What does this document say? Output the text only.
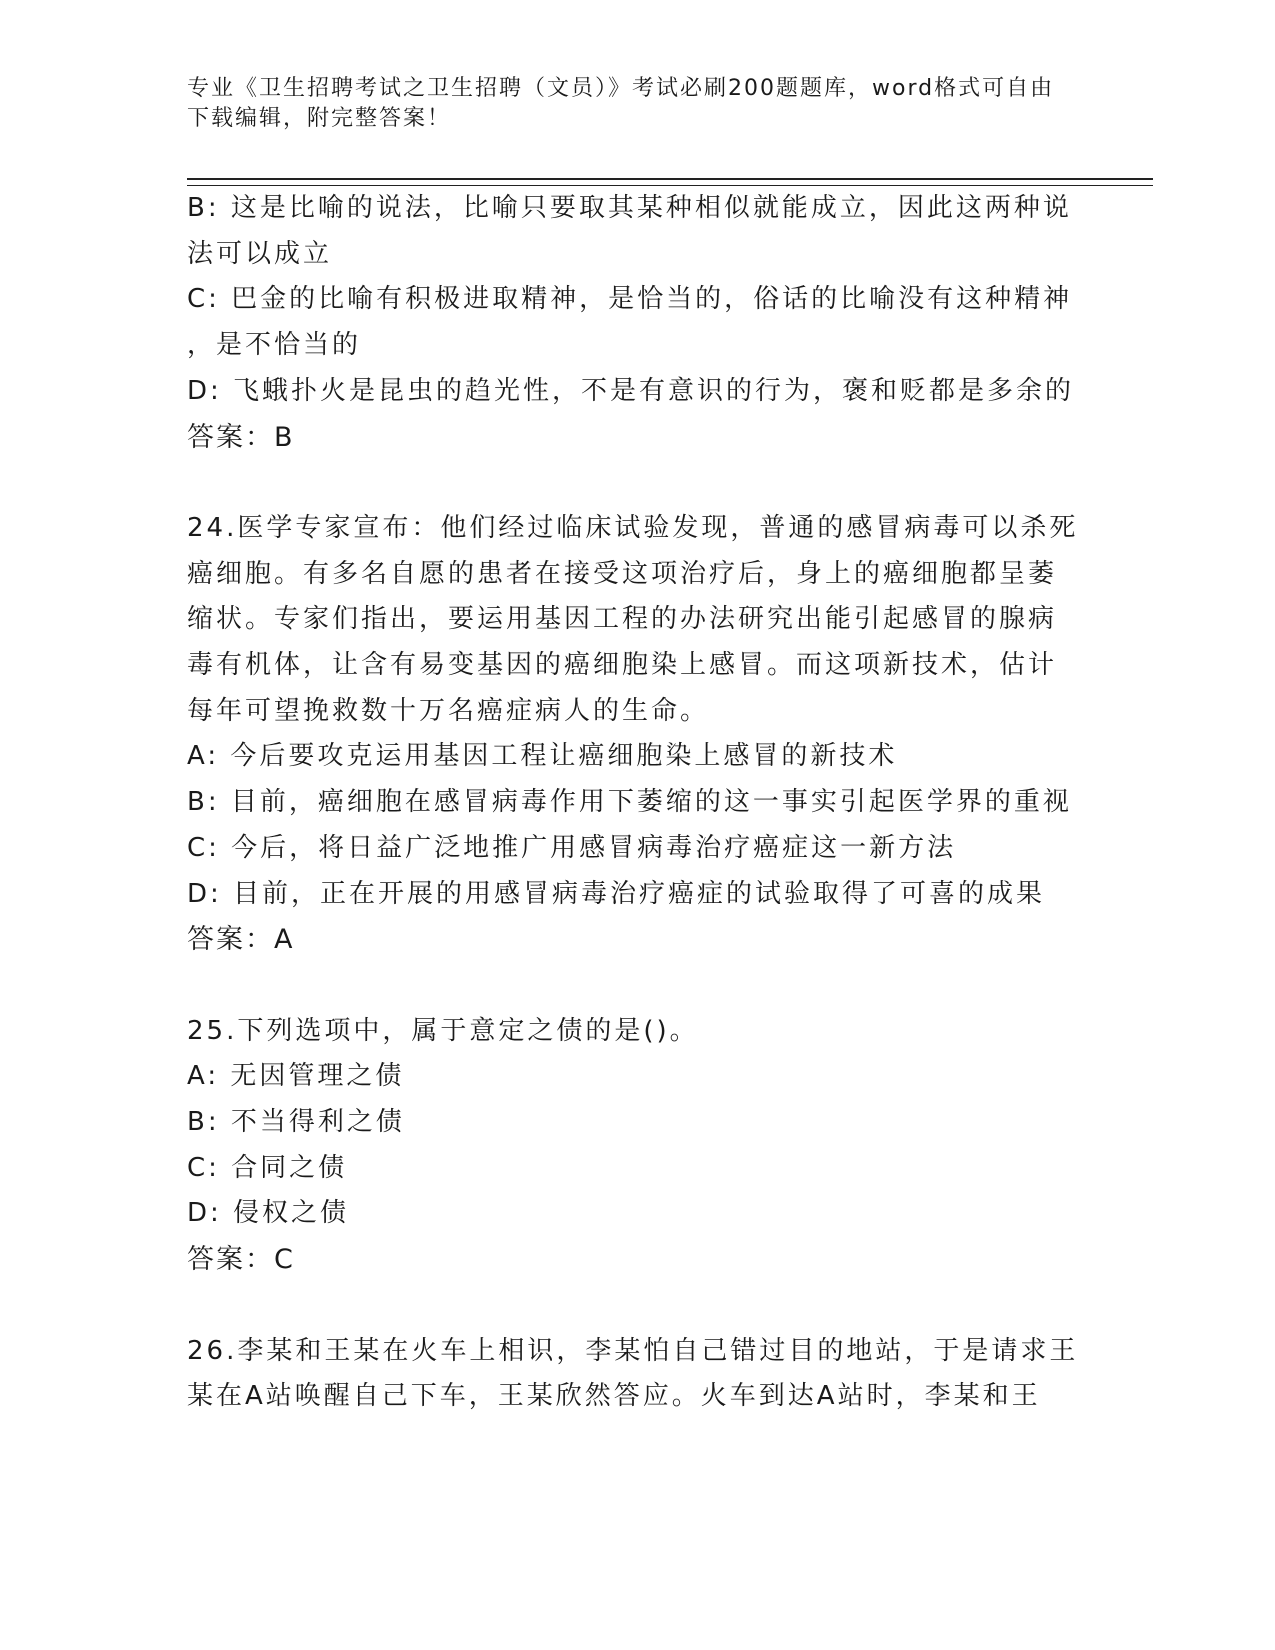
专业《卫生招聘考试之卫生招聘（文员）》考试必刷200题题库，word格式可自由下载编辑，附完整答案！

B: 这是比喻的说法，比喻只要取其某种相似就能成立，因此这两种说

法可以成立

C: 巴金的比喻有积极进取精神，是恰当的，俗话的比喻没有这种精神

，是不恰当的

D: 飞蛾扑火是昆虫的趋光性，不是有意识的行为，褒和贬都是多余的

答案：B

24.医学专家宣布：他们经过临床试验发现，普通的感冒病毒可以杀死

癌细胞。有多名自愿的患者在接受这项治疗后，身上的癌细胞都呈萎

缩状。专家们指出，要运用基因工程的办法研究出能引起感冒的腺病

毒有机体，让含有易变基因的癌细胞染上感冒。而这项新技术，估计

每年可望挽救数十万名癌症病人的生命。

A: 今后要攻克运用基因工程让癌细胞染上感冒的新技术

B: 目前，癌细胞在感冒病毒作用下萎缩的这一事实引起医学界的重视

C: 今后，将日益广泛地推广用感冒病毒治疗癌症这一新方法

D: 目前，正在开展的用感冒病毒治疗癌症的试验取得了可喜的成果

答案：A

25.下列选项中，属于意定之债的是()。

A: 无因管理之债

B: 不当得利之债

C: 合同之债

D: 侵权之债

答案：C

26.李某和王某在火车上相识，李某怕自己错过目的地站，于是请求王

某在A站唤醒自己下车，王某欣然答应。火车到达A站时，李某和王
